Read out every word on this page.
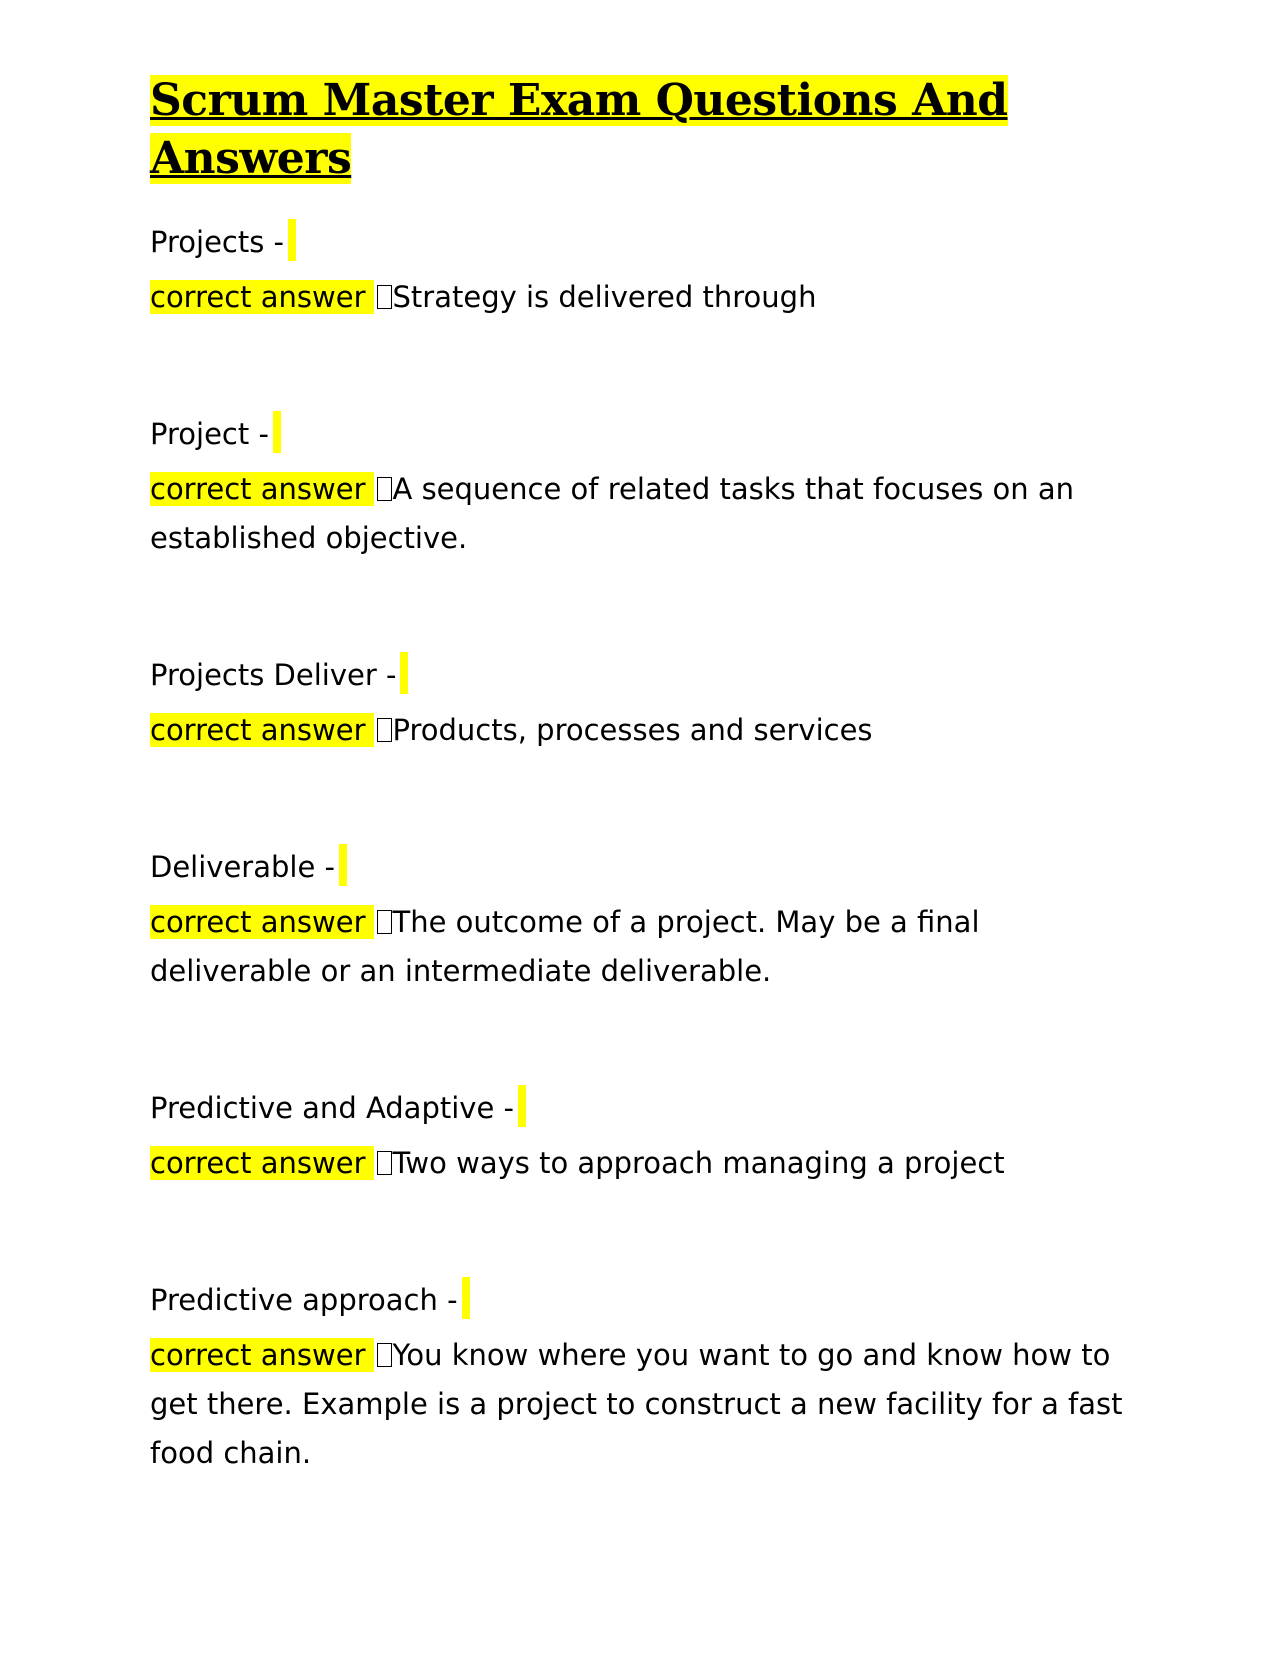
Scrum Master Exam Questions And Answers
Projects -
correct answer Strategy is delivered through
Project -
correct answer A sequence of related tasks that focuses on an established objective.
Projects Deliver -
correct answer Products, processes and services
Deliverable -
correct answer The outcome of a project. May be a final deliverable or an intermediate deliverable.
Predictive and Adaptive -
correct answer Two ways to approach managing a project
Predictive approach -
correct answer You know where you want to go and know how to get there. Example is a project to construct a new facility for a fast food chain.
